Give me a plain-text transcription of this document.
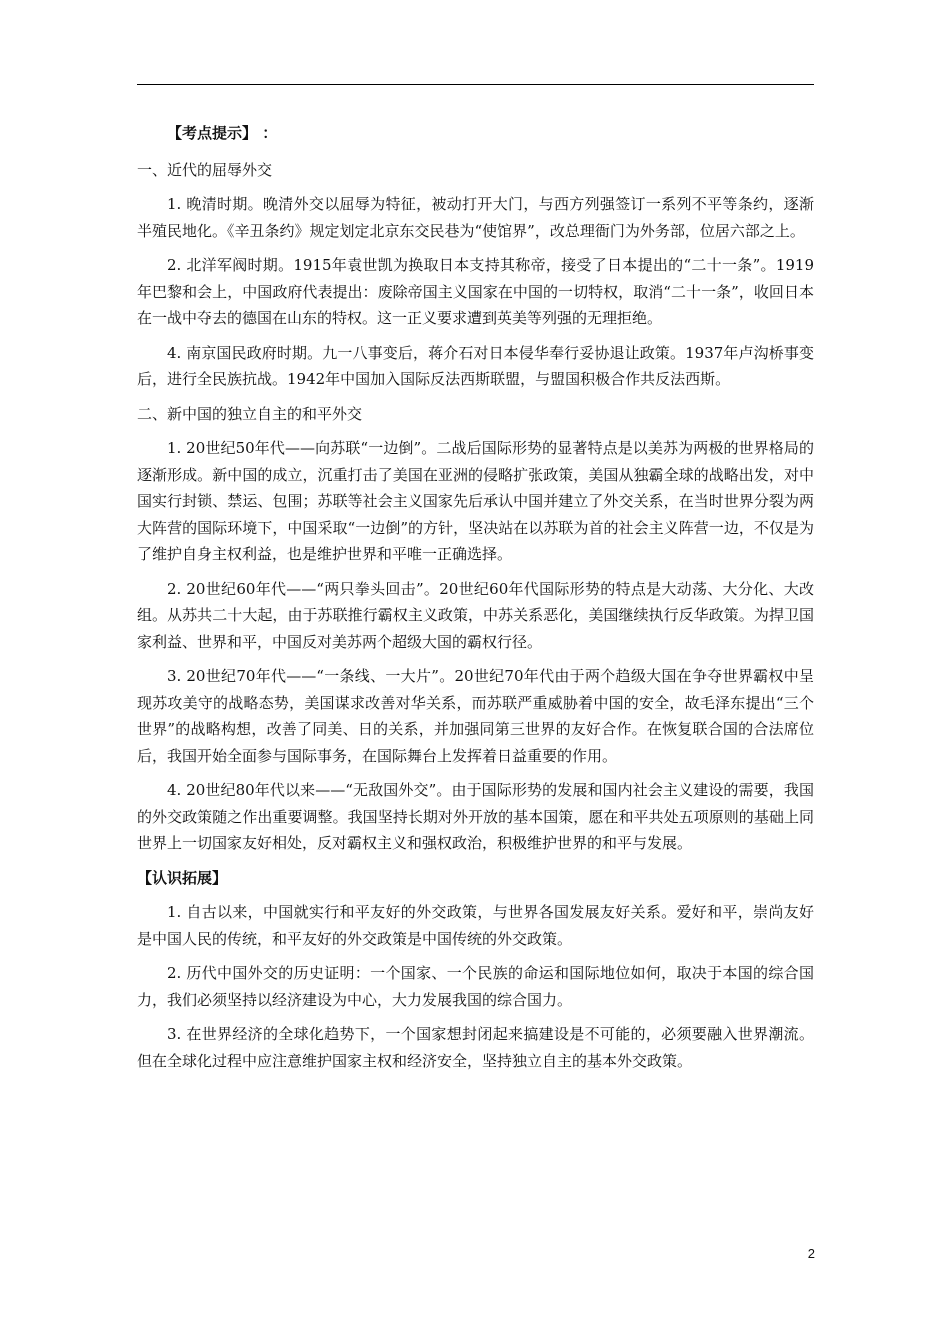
【考点提示】 ：
一、近代的屈辱外交

1. 晚清时期。晚清外交以屈辱为特征，被动打开大门，与西方列强签订一系列不平等条约，逐渐半殖民地化。《辛丑条约》规定划定北京东交民巷为“使馆界”，改总理衙门为外务部，位居六部之上。

2. 北洋军阀时期。1915年袁世凯为换取日本支持其称帝，接受了日本提出的“二十一条”。1919年巴黎和会上，中国政府代表提出：废除帝国主义国家在中国的一切特权，取消“二十一条”，收回日本在一战中夺去的德国在山东的特权。这一正义要求遭到英美等列强的无理拒绝。

4. 南京国民政府时期。九一八事变后，蒋介石对日本侵华奉行妥协退让政策。1937年卢沟桥事变后，进行全民族抗战。1942年中国加入国际反法西斯联盟，与盟国积极合作共反法西斯。

二、新中国的独立自主的和平外交

1. 20世纪50年代——向苏联“一边倒”。二战后国际形势的显著特点是以美苏为两极的世界格局的逐渐形成。新中国的成立，沉重打击了美国在亚洲的侵略扩张政策，美国从独霸全球的战略出发，对中国实行封锁、禁运、包围；苏联等社会主义国家先后承认中国并建立了外交关系，在当时世界分裂为两大阵营的国际环境下，中国采取“一边倒”的方针，坚决站在以苏联为首的社会主义阵营一边，不仅是为了维护自身主权利益，也是维护世界和平唯一正确选择。

2. 20世纪60年代——“两只拳头回击”。20世纪60年代国际形势的特点是大动荡、大分化、大改组。从苏共二十大起，由于苏联推行霸权主义政策，中苏关系恶化，美国继续执行反华政策。为捍卫国家利益、世界和平，中国反对美苏两个超级大国的霸权行径。

3. 20世纪70年代——“一条线、一大片”。20世纪70年代由于两个趋级大国在争夺世界霸权中呈现苏攻美守的战略态势，美国谋求改善对华关系，而苏联严重威胁着中国的安全，故毛泽东提出“三个世界”的战略构想，改善了同美、日的关系，并加强同第三世界的友好合作。在恢复联合国的合法席位后，我国开始全面参与国际事务，在国际舞台上发挥着日益重要的作用。

4. 20世纪80年代以来——“无敌国外交”。由于国际形势的发展和国内社会主义建设的需要，我国的外交政策随之作出重要调整。我国坚持长期对外开放的基本国策，愿在和平共处五项原则的基础上同世界上一切国家友好相处，反对霸权主义和强权政治，积极维护世界的和平与发展。

【认识拓展】

1. 自古以来，中国就实行和平友好的外交政策，与世界各国发展友好关系。爱好和平，崇尚友好是中国人民的传统，和平友好的外交政策是中国传统的外交政策。

2. 历代中国外交的历史证明：一个国家、一个民族的命运和国际地位如何，取决于本国的综合国力，我们必须坚持以经济建设为中心，大力发展我国的综合国力。

3. 在世界经济的全球化趋势下，一个国家想封闭起来搞建设是不可能的，必须要融入世界潮流。但在全球化过程中应注意维护国家主权和经济安全，坚持独立自主的基本外交政策。

2
